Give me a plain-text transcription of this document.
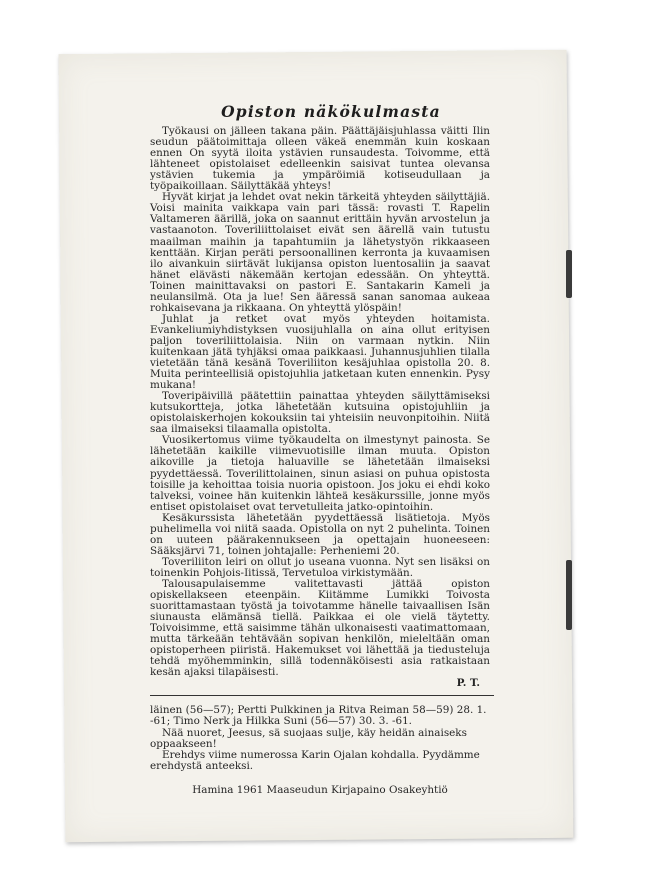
Opiston näkökulmasta

Työkausi on jälleen takana päin. Päättäjäisjuhlassa väitti Ilin seudun päätoimittaja olleen väkeä enemmän kuin koskaan ennen On syytä iloita ystävien runsaudesta. Toivomme, että lähteneet opistolaiset edelleenkin saisivat tuntea olevansa ystävien tukemia ja ympäröimiä kotiseudullaan ja työpaikoillaan. Säilyttäkää yhteys!

Hyvät kirjat ja lehdet ovat nekin tärkeitä yhteyden säilyttäjiä. Voisi mainita vaikkapa vain pari tässä: rovasti T. Rapelin Valtameren äärillä, joka on saannut erittäin hyvän arvostelun ja vastaanoton. Toveriliittolaiset eivät sen äärellä vain tutustu maailman maihin ja tapahtumiin ja lähetystyön rikkaaseen kenttään. Kirjan peräti persoonallinen kerronta ja kuvaamisen ilo aivankuin siirtävät lukijansa opiston luentosaliin ja saavat hänet elävästi näkemään kertojan edessään. On yhteyttä. Toinen mainittavaksi on pastori E. Santakarin Kameli ja neulansilmä. Ota ja lue! Sen ääressä sanan sanomaa aukeaa rohkaisevana ja rikkaana. On yhteyttä ylöspäin!

Juhlat ja retket ovat myös yhteyden hoitamista. Evankeliumiyhdistyksen vuosijuhlalla on aina ollut erityisen paljon toveriliittolaisia. Niin on varmaan nytkin. Niin kuitenkaan jätä tyhjäksi omaa paikkaasi. Juhannusjuhlien tilalla vietetään tänä kesänä Toveriliiton kesäjuhlaa opistolla 20. 8. Muita perinteellisiä opistojuhlia jatketaan kuten ennenkin. Pysy mukana!

Toveripäivillä päätettiin painattaa yhteyden säilyttämiseksi kutsukortteja, jotka lähetetään kutsuina opistojuhliin ja opistolaiskerhojen kokouksiin tai yhteisiin neuvonpitoihin. Niitä saa ilmaiseksi tilaamalla opistolta.

Vuosikertomus viime työkaudelta on ilmestynyt painosta. Se lähetetään kaikille viimevuotisille ilman muuta. Opiston aikoville ja tietoja haluaville se lähetetään ilmaiseksi pyydettäessä. Toverilittolainen, sinun asiasi on puhua opistosta toisille ja kehoittaa toisia nuoria opistoon. Jos joku ei ehdi koko talveksi, voinee hän kuitenkin lähteä kesäkurssille, jonne myös entiset opistolaiset ovat tervetulleita jatko-opintoihin.

Kesäkurssista lähetetään pyydettäessä lisätietoja. Myös puhelimella voi niitä saada. Opistolla on nyt 2 puhelinta. Toinen on uuteen päärakennukseen ja opettajain huoneeseen: Sääksjärvi 71, toinen johtajalle: Perheniemi 20.

Toveriliiton leiri on ollut jo useana vuonna. Nyt sen lisäksi on toinenkin Pohjois-Iitissä, Tervetuloa virkistymään.

Talousapulaisemme valitettavasti jättää opiston opiskellakseen eteenpäin. Kiitämme Lumikki Toivosta suorittamastaan työstä ja toivotamme hänelle taivaallisen Isän siunausta elämänsä tiellä. Paikkaa ei ole vielä täytetty. Toivoisimme, että saisimme tähän ulkonaisesti vaatimattomaan, mutta tärkeään tehtävään sopivan henkilön, mieleltään oman opistoperheen piiristä. Hakemukset voi lähettää ja tiedusteluja tehdä myöhemminkin, sillä todennäköisesti asia ratkaistaan kesän ajaksi tilapäisesti.

P. T.

läinen (56—57); Pertti Pulkkinen ja Ritva Reiman 58—59) 28. 1. -61; Timo Nerk ja Hilkka Suni (56—57) 30. 3. -61.

Nää nuoret, Jeesus, sä suojaas sulje, käy heidän ainaiseks oppaakseen!

Erehdys viime numerossa Karin Ojalan kohdalla. Pyydämme erehdystä anteeksi.

Hamina 1961 Maaseudun Kirjapaino Osakeyhtiö
